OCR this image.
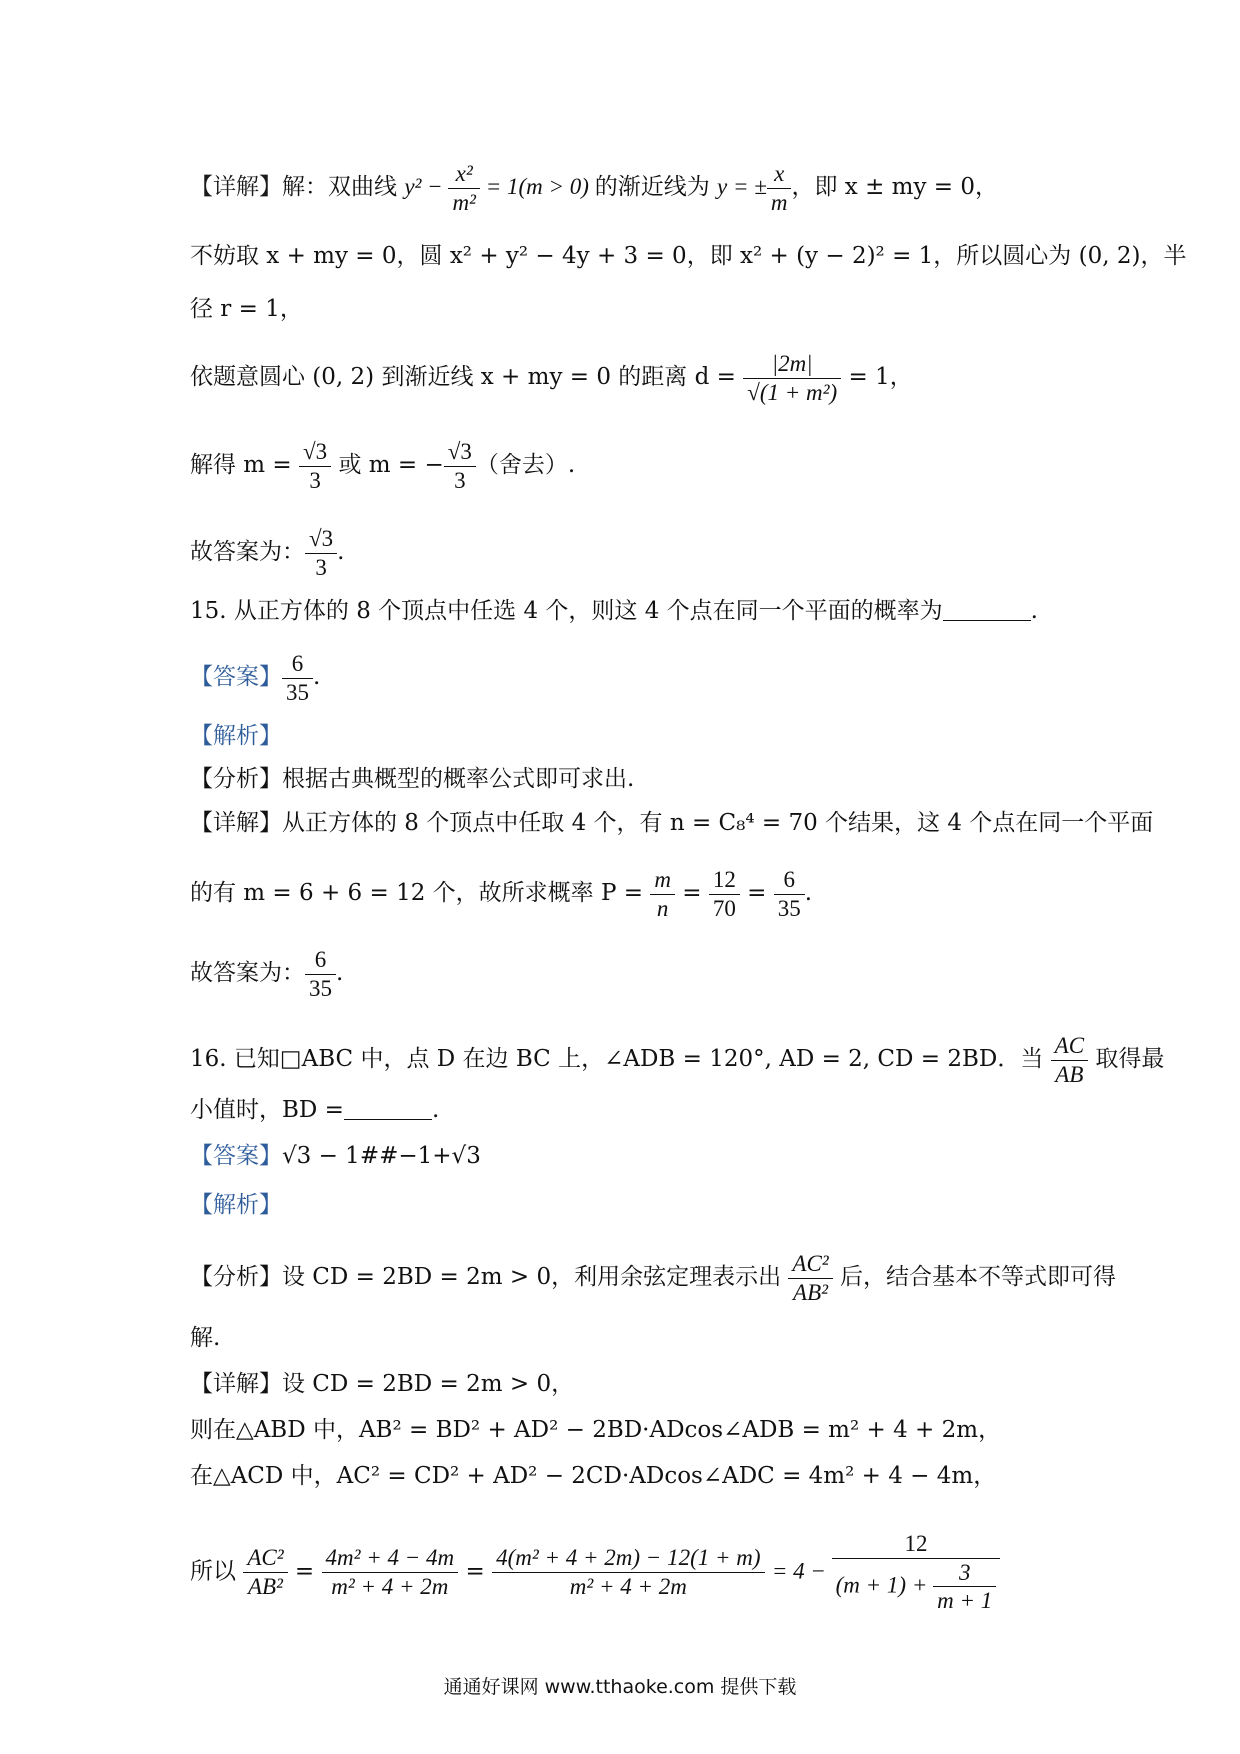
【详解】解：双曲线 $y^2 - \frac{\text{x²}}{\text{m²}} = 1(m > 0)$ 的渐近线为 y = ± $\frac{x}{m}$ ，即 x ± my = 0，
不妨取 x + my = 0，圆 x² + y² − 4y + 3 = 0，即 x² + (y − 2)² = 1，所以圆心为 (0, 2)，半
径 r = 1，
依题意圆心 (0, 2) 到渐近线 x + my = 0 的距离 $d = \frac{|2m|}{\text{√(1 + m²)}} = 1$，
解得 $m = \frac{√3}{3}$ 或 m = − $\frac{√3}{3}$ （舍去）.
故答案为： $\frac{√3}{3}$ .
15. 从正方体的 8 个顶点中任选 4 个，则这 4 个点在同一个平面的概率为	.
【答案】 $\frac{6}{35}$ .
【解析】
【分析】根据古典概型的概率公式即可求出.
【详解】从正方体的 8 个顶点中任取 4 个，有 n = C₈⁴ = 70 个结果，这 4 个点在同一个平面
的有 m = 6 + 6 = 12 个，故所求概率 $P = \frac{m}{n} = \frac{12}{70} = \frac{6}{35}$ .
故答案为： $\frac{6}{35}$ .
16. 已知□ABC 中，点 D 在边 BC 上，∠ADB = 120°, AD = 2, CD = 2BD．当 $\frac{AC}{AB}$ 取得最
小值时，BD =	.
【答案】√3 − 1##−1+√3
【解析】
【分析】设 CD = 2BD = 2m > 0，利用余弦定理表示出 $\frac{\text{AC²}}{\text{AB²}}$ 后，结合基本不等式即可得
解.
【详解】设 CD = 2BD = 2m > 0，
则在△ABD 中，AB² = BD² + AD² − 2BD·ADcos∠ADB = m² + 4 + 2m，
在△ACD 中，AC² = CD² + AD² − 2CD·ADcos∠ADC = 4m² + 4 − 4m，
所以 $\frac{\text{AC²}}{\text{AB²}} = \frac{\text{4m² + 4 − 4m}}{\text{m² + 4 + 2m}} = \frac{\text{4(m² + 4 + 2m) − 12(1 + m)}}{\text{m² + 4 + 2m}} = 4 - \frac{12}{(m + 1) + \frac{3}{m + 1}}$
通通好课网 www.tthaoke.com 提供下载
